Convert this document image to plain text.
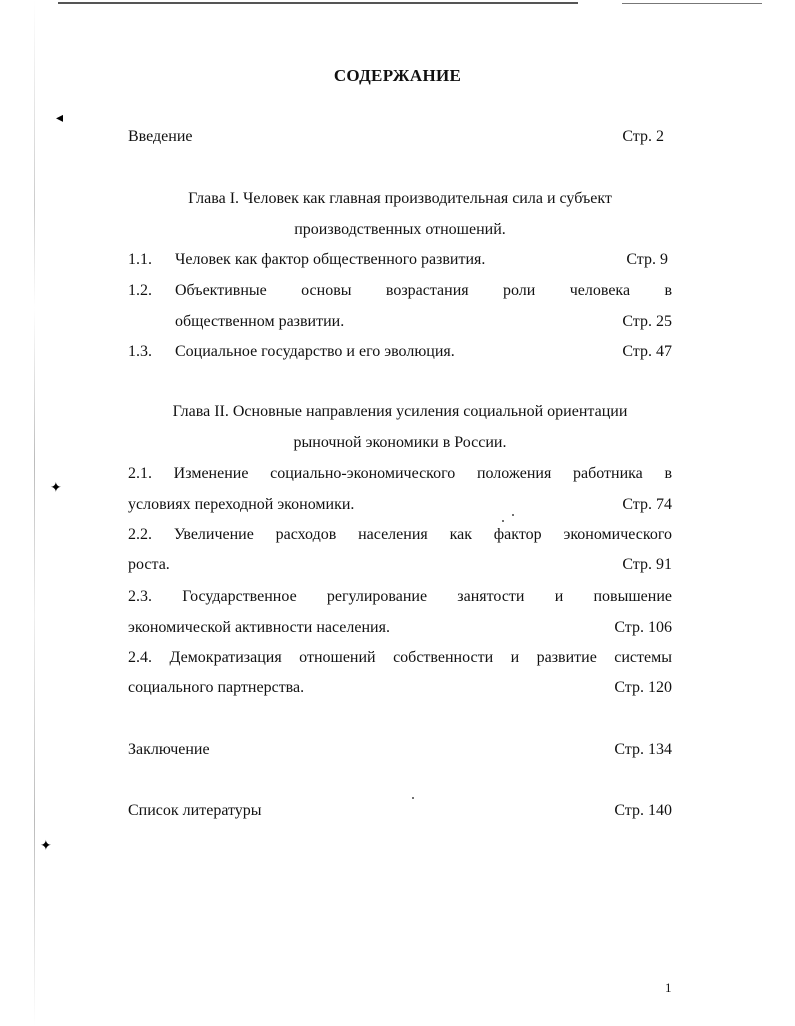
◂
✦
✦
СОДЕРЖАНИЕ
Введение	Стр. 2
Глава I. Человек как главная производительная сила и субъект
производственных отношений.
1.1. Человек как фактор общественного развития.	Стр. 9
1.2. Объективные основы возрастания роли человека в
общественном развитии.	Стр. 25
1.3. Социальное государство и его эволюция.	Стр. 47
Глава II. Основные направления усиления социальной ориентации
рыночной экономики в России.
2.1. Изменение социально-экономического положения работника в
условиях переходной экономики.	Стр. 74
2.2. Увеличение расходов населения как фактор экономического
роста.	Стр. 91
2.3. Государственное регулирование занятости и повышение
экономической активности населения.	Стр. 106
2.4. Демократизация отношений собственности и развитие системы
социального партнерства.	Стр. 120
Заключение	Стр. 134
Список литературы	Стр. 140
1
